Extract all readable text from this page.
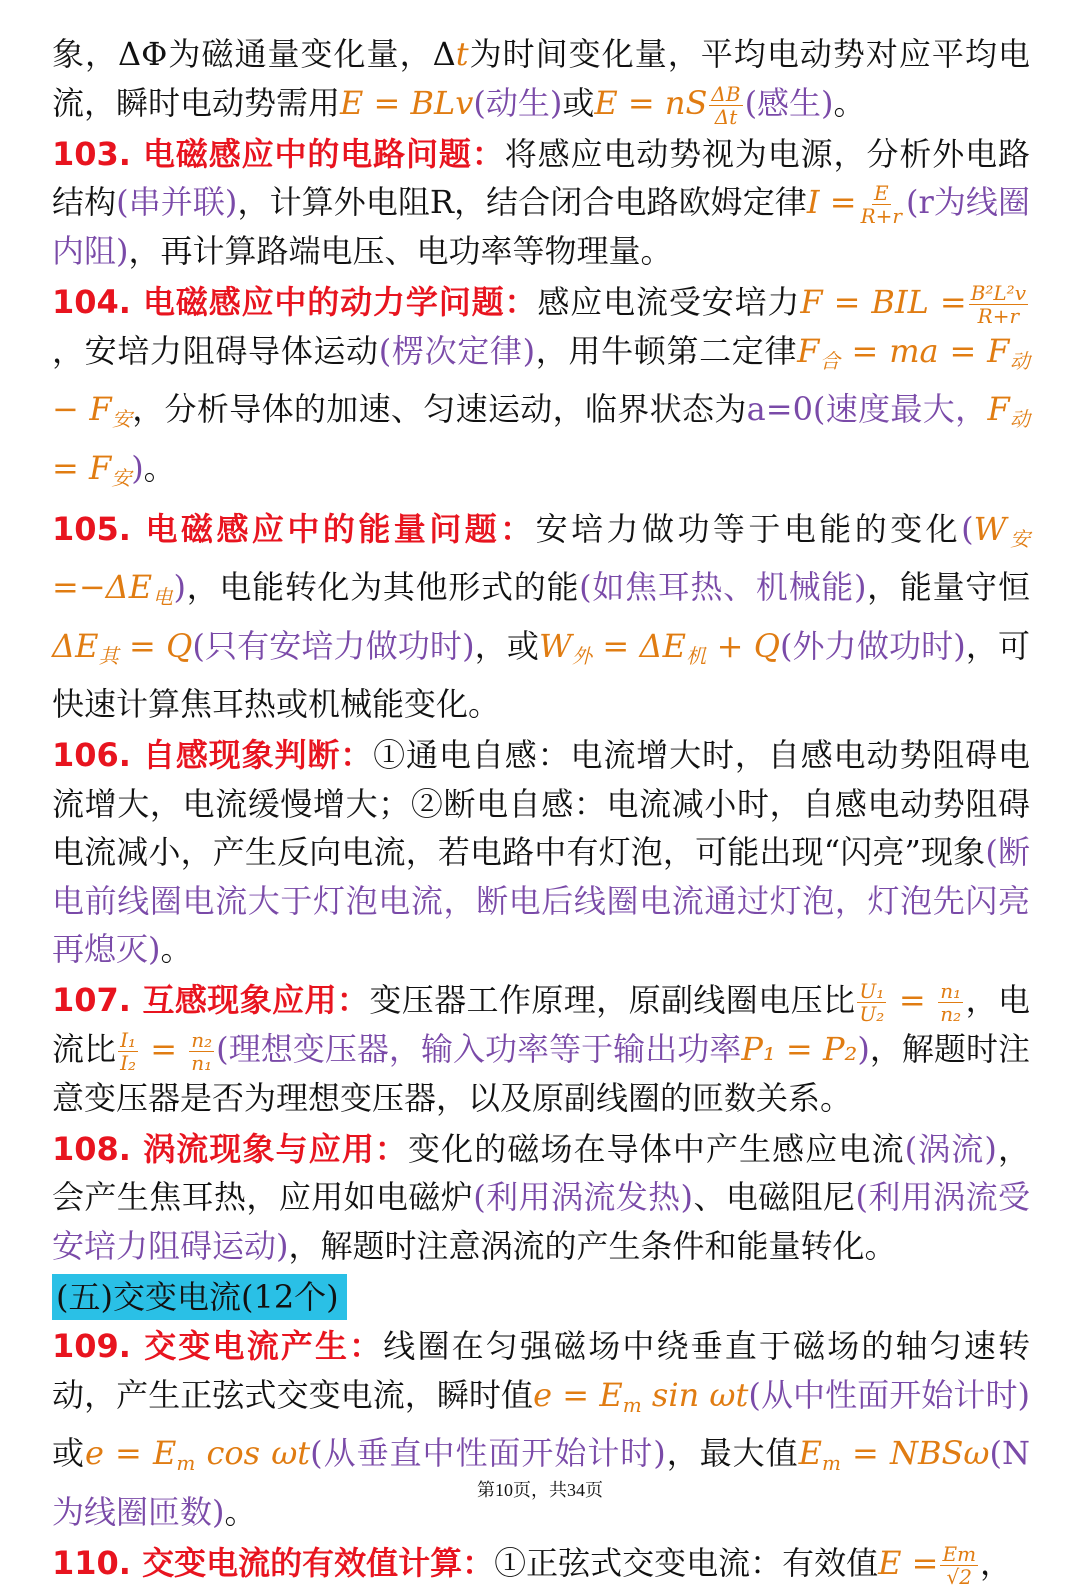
象，ΔΦ为磁通量变化量，Δt为时间变化量，平均电动势对应平均电流，瞬时电动势需用E = BLv(动生)或E = nS $\frac{\Delta B}{\Delta t}$ (感生)。

103. 电磁感应中的电路问题：将感应电动势视为电源，分析外电路结构(串并联)，计算外电阻R，结合闭合电路欧姆定律$I = \frac{E}{R+r} (r$为线圈内阻)，再计算路端电压、电功率等物理量。

104. 电磁感应中的动力学问题：感应电流受安培力F = BIL = $\frac{\text{B²L²v}}{R+r}$
，安培力阻碍导体运动(楞次定律)，用牛顿第二定律$F_合$ = ma = $F_动 - F_安$，分析导体的加速、匀速运动，临界状态为a=0(速度最大，$F_动 = F_安$)。

105. 电磁感应中的能量问题：安培力做功等于电能的变化$(W_安 =-\Delta E_电)$，电能转化为其他形式的能(如焦耳热、机械能)，能量守恒$\Delta E_其 = Q$(只有安培力做功时)，或$W_外 = \Delta E_机 + Q$(外力做功时)，可快速计算焦耳热或机械能变化。

106. 自感现象判断：①通电自感：电流增大时，自感电动势阻碍电流增大，电流缓慢增大；②断电自感：电流减小时，自感电动势阻碍电流减小，产生反向电流，若电路中有灯泡，可能出现“闪亮”现象(断电前线圈电流大于灯泡电流，断电后线圈电流通过灯泡，灯泡先闪亮再熄灭)。

107. 互感现象应用：变压器工作原理，原副线圈电压比 $\frac{\text{U₁}}{\text{U₂}} = \frac{\text{n₁}}{\text{n₂}}$ ，电流比 $\frac{\text{I₁}}{\text{I₂}} = \frac{\text{n₂}}{\text{n₁}}$ (理想变压器，输入功率等于输出功率P₁ = P₂)，解题时注意变压器是否为理想变压器，以及原副线圈的匝数关系。

108. 涡流现象与应用：变化的磁场在导体中产生感应电流(涡流)，会产生焦耳热，应用如电磁炉(利用涡流发热)、电磁阻尼(利用涡流受安培力阻碍运动)，解题时注意涡流的产生条件和能量转化。

(五)交变电流(12个)

109. 交变电流产生：线圈在匀强磁场中绕垂直于磁场的轴匀速转动，产生正弦式交变电流，瞬时值$e = E_m$ sin ωt(从中性面开始计时)或$e = E_m$ cos ωt(从垂直中性面开始计时)，最大值$E_m = NBS\omega(N$为线圈匝数)。

110. 交变电流的有效值计算：①正弦式交变电流：有效值$E = \frac{Em}{√2}$ ，

第10页，共34页
